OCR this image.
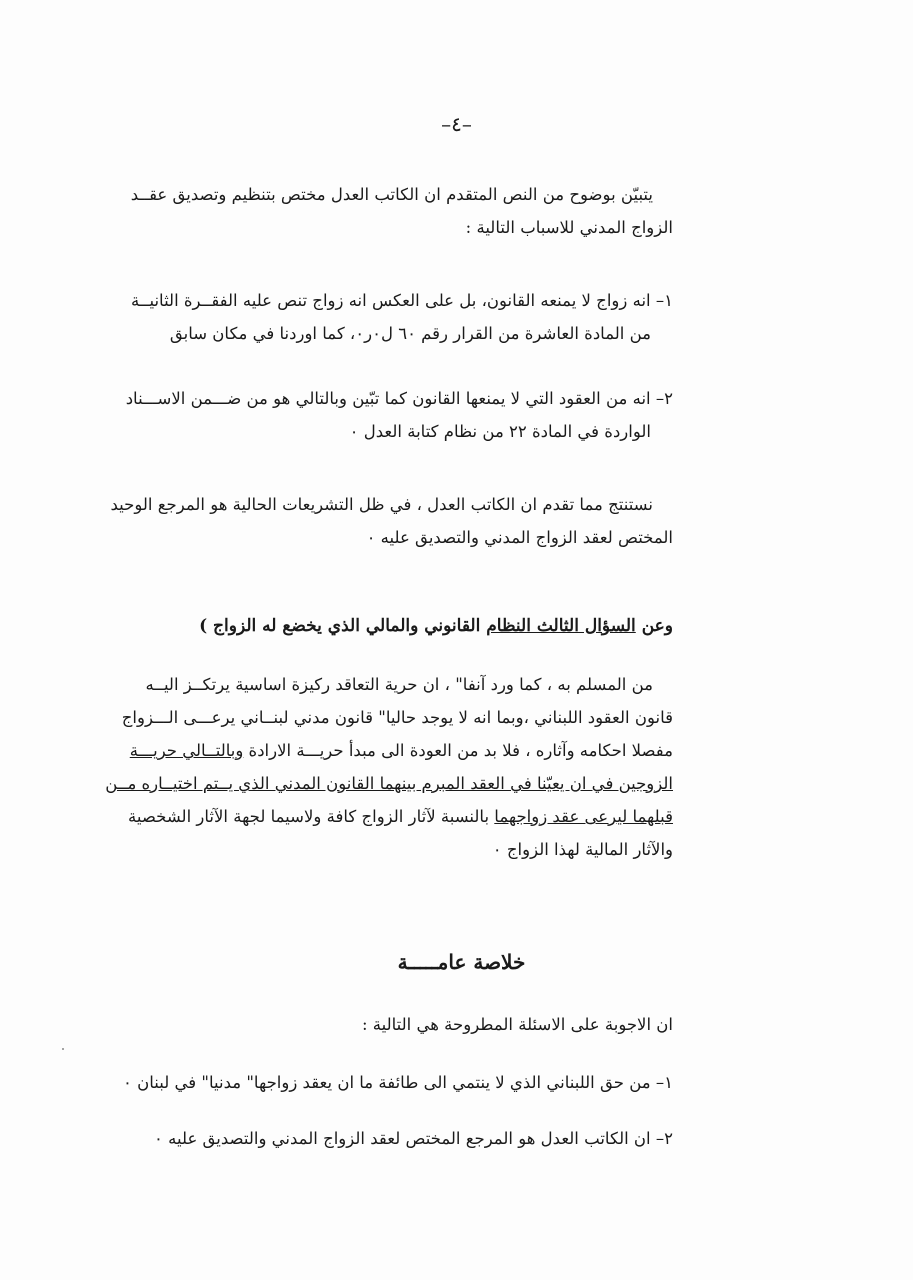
–٤–

يتبيّن بوضوح من النص المتقدم ان الكاتب العدل مختص بتنظيم وتصديق عقــد

الزواج المدني للاسباب التالية :

١– انه زواج لا يمنعه القانون، بل على العكس انه زواج تنص عليه الفقــرة الثانيــة

من المادة العاشرة من القرار رقم ٦٠ ل٠ر٠، كما اوردنا في مكان سابق

٢– انه من العقود التي لا يمنعها القانون كما تبّين وبالتالي هو من ضـــمن الاســـناد

الواردة في المادة ٢٢ من نظام كتابة العدل ٠

نستنتج مما تقدم ان الكاتب العدل ، في ظل التشريعات الحالية هو المرجع الوحيد

المختص لعقد الزواج المدني والتصديق عليه ٠

وعن السؤال الثالث النظام القانوني والمالي الذي يخضع له الزواج )

من المسلم به ، كما ورد آنفا" ، ان حرية التعاقد ركيزة اساسية يرتكــز اليــه

قانون العقود اللبناني ،وبما انه لا يوجد حاليا" قانون مدني لبنــاني يرعـــى الـــزواج
مفصلا احكامه وآثاره ، فلا بد من العودة الى مبدأ حريـــة الارادة وبالتــالي حريـــة
الزوجين في ان يعيّنا في العقد المبرم بينهما القانون المدني الذي يــتم اختيــاره مــن
قبلهما ليرعى عقد زواجهما بالنسبة لآثار الزواج كافة ولاسيما لجهة الآثار الشخصية
والآثار المالية لهذا الزواج ٠

خلاصة عامـــــة

ان الاجوبة على الاسئلة المطروحة هي التالية :

١– من حق اللبناني الذي لا ينتمي الى طائفة ما ان يعقد زواجها" مدنيا" في لبنان ٠

٢– ان الكاتب العدل هو المرجع المختص لعقد الزواج المدني والتصديق عليه ٠
